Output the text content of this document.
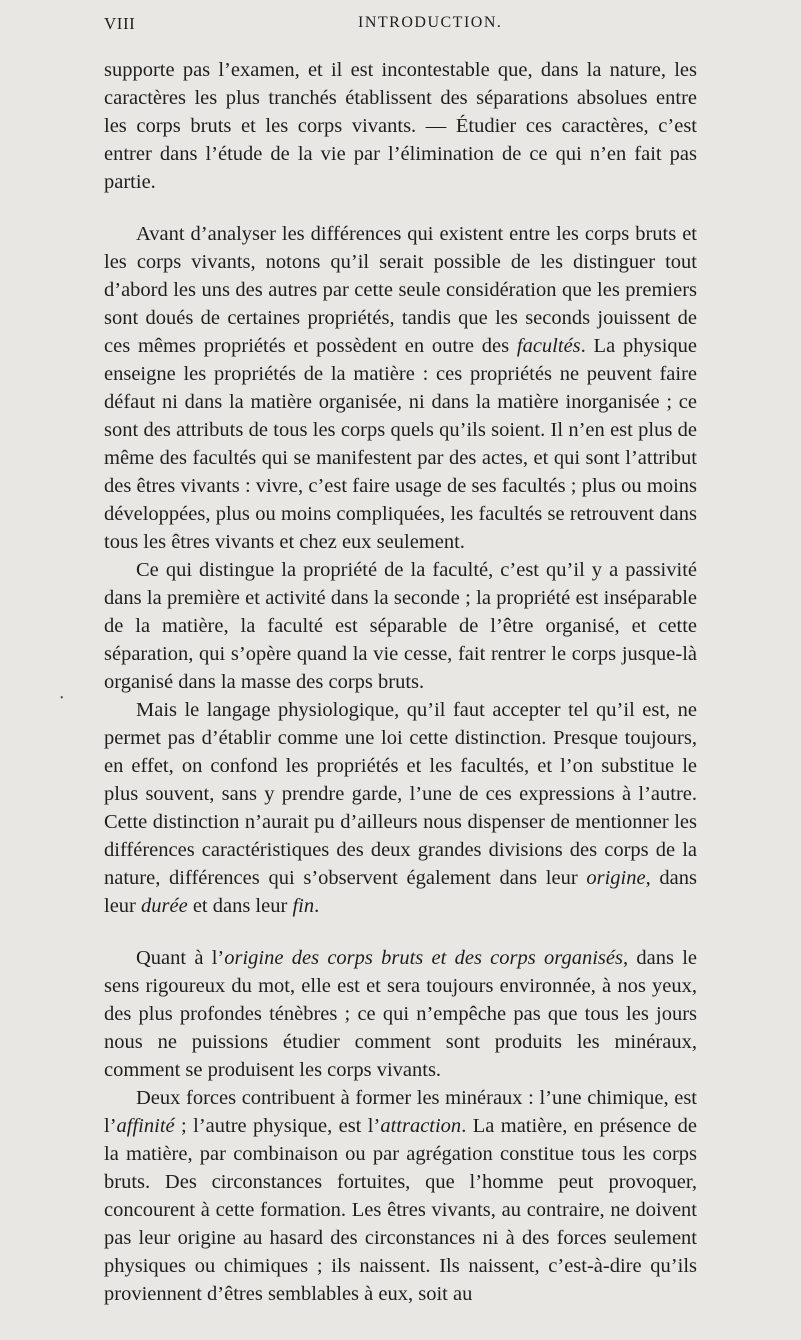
VIII	INTRODUCTION.
•

supporte pas l’examen, et il est incontestable que, dans la nature, les caractères les plus tranchés établissent des séparations absolues entre les corps bruts et les corps vivants. — Étudier ces caractères, c’est entrer dans l’étude de la vie par l’élimination de ce qui n’en fait pas partie.

Avant d’analyser les différences qui existent entre les corps bruts et les corps vivants, notons qu’il serait possible de les distinguer tout d’abord les uns des autres par cette seule considération que les premiers sont doués de certaines propriétés, tandis que les seconds jouissent de ces mêmes propriétés et possèdent en outre des facultés. La physique enseigne les propriétés de la matière : ces propriétés ne peuvent faire défaut ni dans la matière organisée, ni dans la matière inorganisée ; ce sont des attributs de tous les corps quels qu’ils soient. Il n’en est plus de même des facultés qui se manifestent par des actes, et qui sont l’attribut des êtres vivants : vivre, c’est faire usage de ses facultés ; plus ou moins développées, plus ou moins compliquées, les facultés se retrouvent dans tous les êtres vivants et chez eux seulement.

Ce qui distingue la propriété de la faculté, c’est qu’il y a passivité dans la première et activité dans la seconde ; la propriété est inséparable de la matière, la faculté est séparable de l’être organisé, et cette séparation, qui s’opère quand la vie cesse, fait rentrer le corps jusque-là organisé dans la masse des corps bruts.

Mais le langage physiologique, qu’il faut accepter tel qu’il est, ne permet pas d’établir comme une loi cette distinction. Presque toujours, en effet, on confond les propriétés et les facultés, et l’on substitue le plus souvent, sans y prendre garde, l’une de ces expressions à l’autre. Cette distinction n’aurait pu d’ailleurs nous dispenser de mentionner les différences caractéristiques des deux grandes divisions des corps de la nature, différences qui s’observent également dans leur origine, dans leur durée et dans leur fin.

Quant à l’origine des corps bruts et des corps organisés, dans le sens rigoureux du mot, elle est et sera toujours environnée, à nos yeux, des plus profondes ténèbres ; ce qui n’empêche pas que tous les jours nous ne puissions étudier comment sont produits les minéraux, comment se produisent les corps vivants.

Deux forces contribuent à former les minéraux : l’une chimique, est l’affinité ; l’autre physique, est l’attraction. La matière, en présence de la matière, par combinaison ou par agrégation constitue tous les corps bruts. Des circonstances fortuites, que l’homme peut provoquer, concourent à cette formation. Les êtres vivants, au contraire, ne doivent pas leur origine au hasard des circonstances ni à des forces seulement physiques ou chimiques ; ils naissent. Ils naissent, c’est-à-dire qu’ils proviennent d’êtres semblables à eux, soit au
